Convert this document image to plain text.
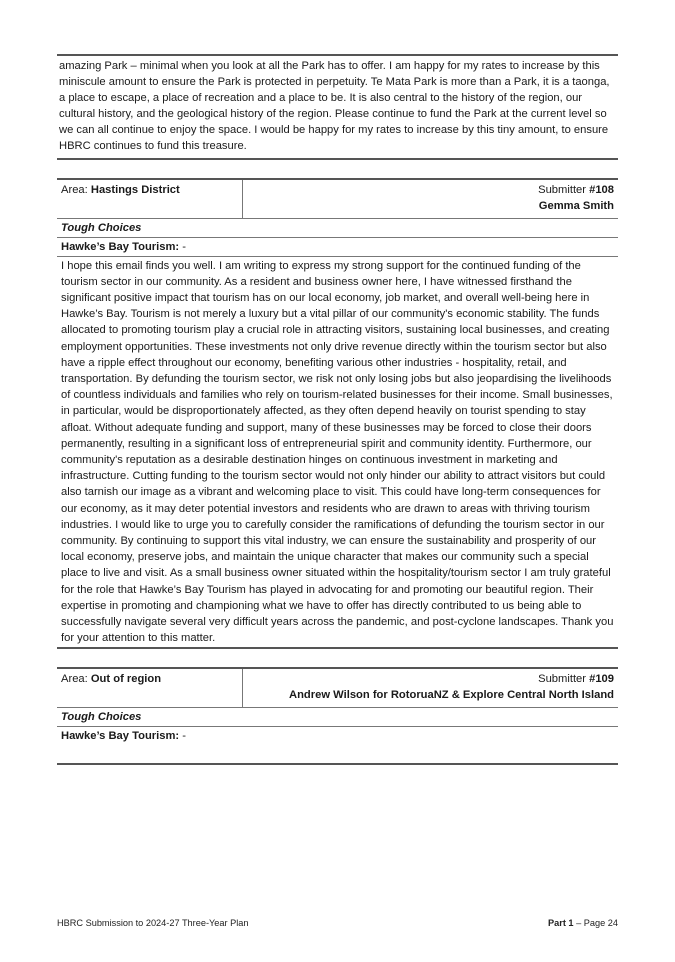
amazing Park – minimal when you look at all the Park has to offer. I am happy for my rates to increase by this miniscule amount to ensure the Park is protected in perpetuity. Te Mata Park is more than a Park, it is a taonga, a place to escape, a place of recreation and a place to be. It is also central to the history of the region, our cultural history, and the geological history of the region. Please continue to fund the Park at the current level so we can all continue to enjoy the space. I would be happy for my rates to increase by this tiny amount, to ensure HBRC continues to fund this treasure.
Area: Hastings District	Submitter #108
Gemma Smith
Tough Choices
Hawke’s Bay Tourism: -
I hope this email finds you well. I am writing to express my strong support for the continued funding of the tourism sector in our community. As a resident and business owner here, I have witnessed firsthand the significant positive impact that tourism has on our local economy, job market, and overall well-being here in Hawke’s Bay. Tourism is not merely a luxury but a vital pillar of our community's economic stability. The funds allocated to promoting tourism play a crucial role in attracting visitors, sustaining local businesses, and creating employment opportunities. These investments not only drive revenue directly within the tourism sector but also have a ripple effect throughout our economy, benefiting various other industries - hospitality, retail, and transportation. By defunding the tourism sector, we risk not only losing jobs but also jeopardising the livelihoods of countless individuals and families who rely on tourism-related businesses for their income. Small businesses, in particular, would be disproportionately affected, as they often depend heavily on tourist spending to stay afloat. Without adequate funding and support, many of these businesses may be forced to close their doors permanently, resulting in a significant loss of entrepreneurial spirit and community identity. Furthermore, our community's reputation as a desirable destination hinges on continuous investment in marketing and infrastructure. Cutting funding to the tourism sector would not only hinder our ability to attract visitors but could also tarnish our image as a vibrant and welcoming place to visit. This could have long-term consequences for our economy, as it may deter potential investors and residents who are drawn to areas with thriving tourism industries. I would like to urge you to carefully consider the ramifications of defunding the tourism sector in our community. By continuing to support this vital industry, we can ensure the sustainability and prosperity of our local economy, preserve jobs, and maintain the unique character that makes our community such a special place to live and visit. As a small business owner situated within the hospitality/tourism sector I am truly grateful for the role that Hawke’s Bay Tourism has played in advocating for and promoting our beautiful region. Their expertise in promoting and championing what we have to offer has directly contributed to us being able to successfully navigate several very difficult years across the pandemic, and post-cyclone landscapes. Thank you for your attention to this matter.
Area: Out of region	Submitter #109
Andrew Wilson for RotoruaNZ & Explore Central North Island
Tough Choices
Hawke’s Bay Tourism: -
HBRC Submission to 2024-27 Three-Year Plan	Part 1 – Page 24
